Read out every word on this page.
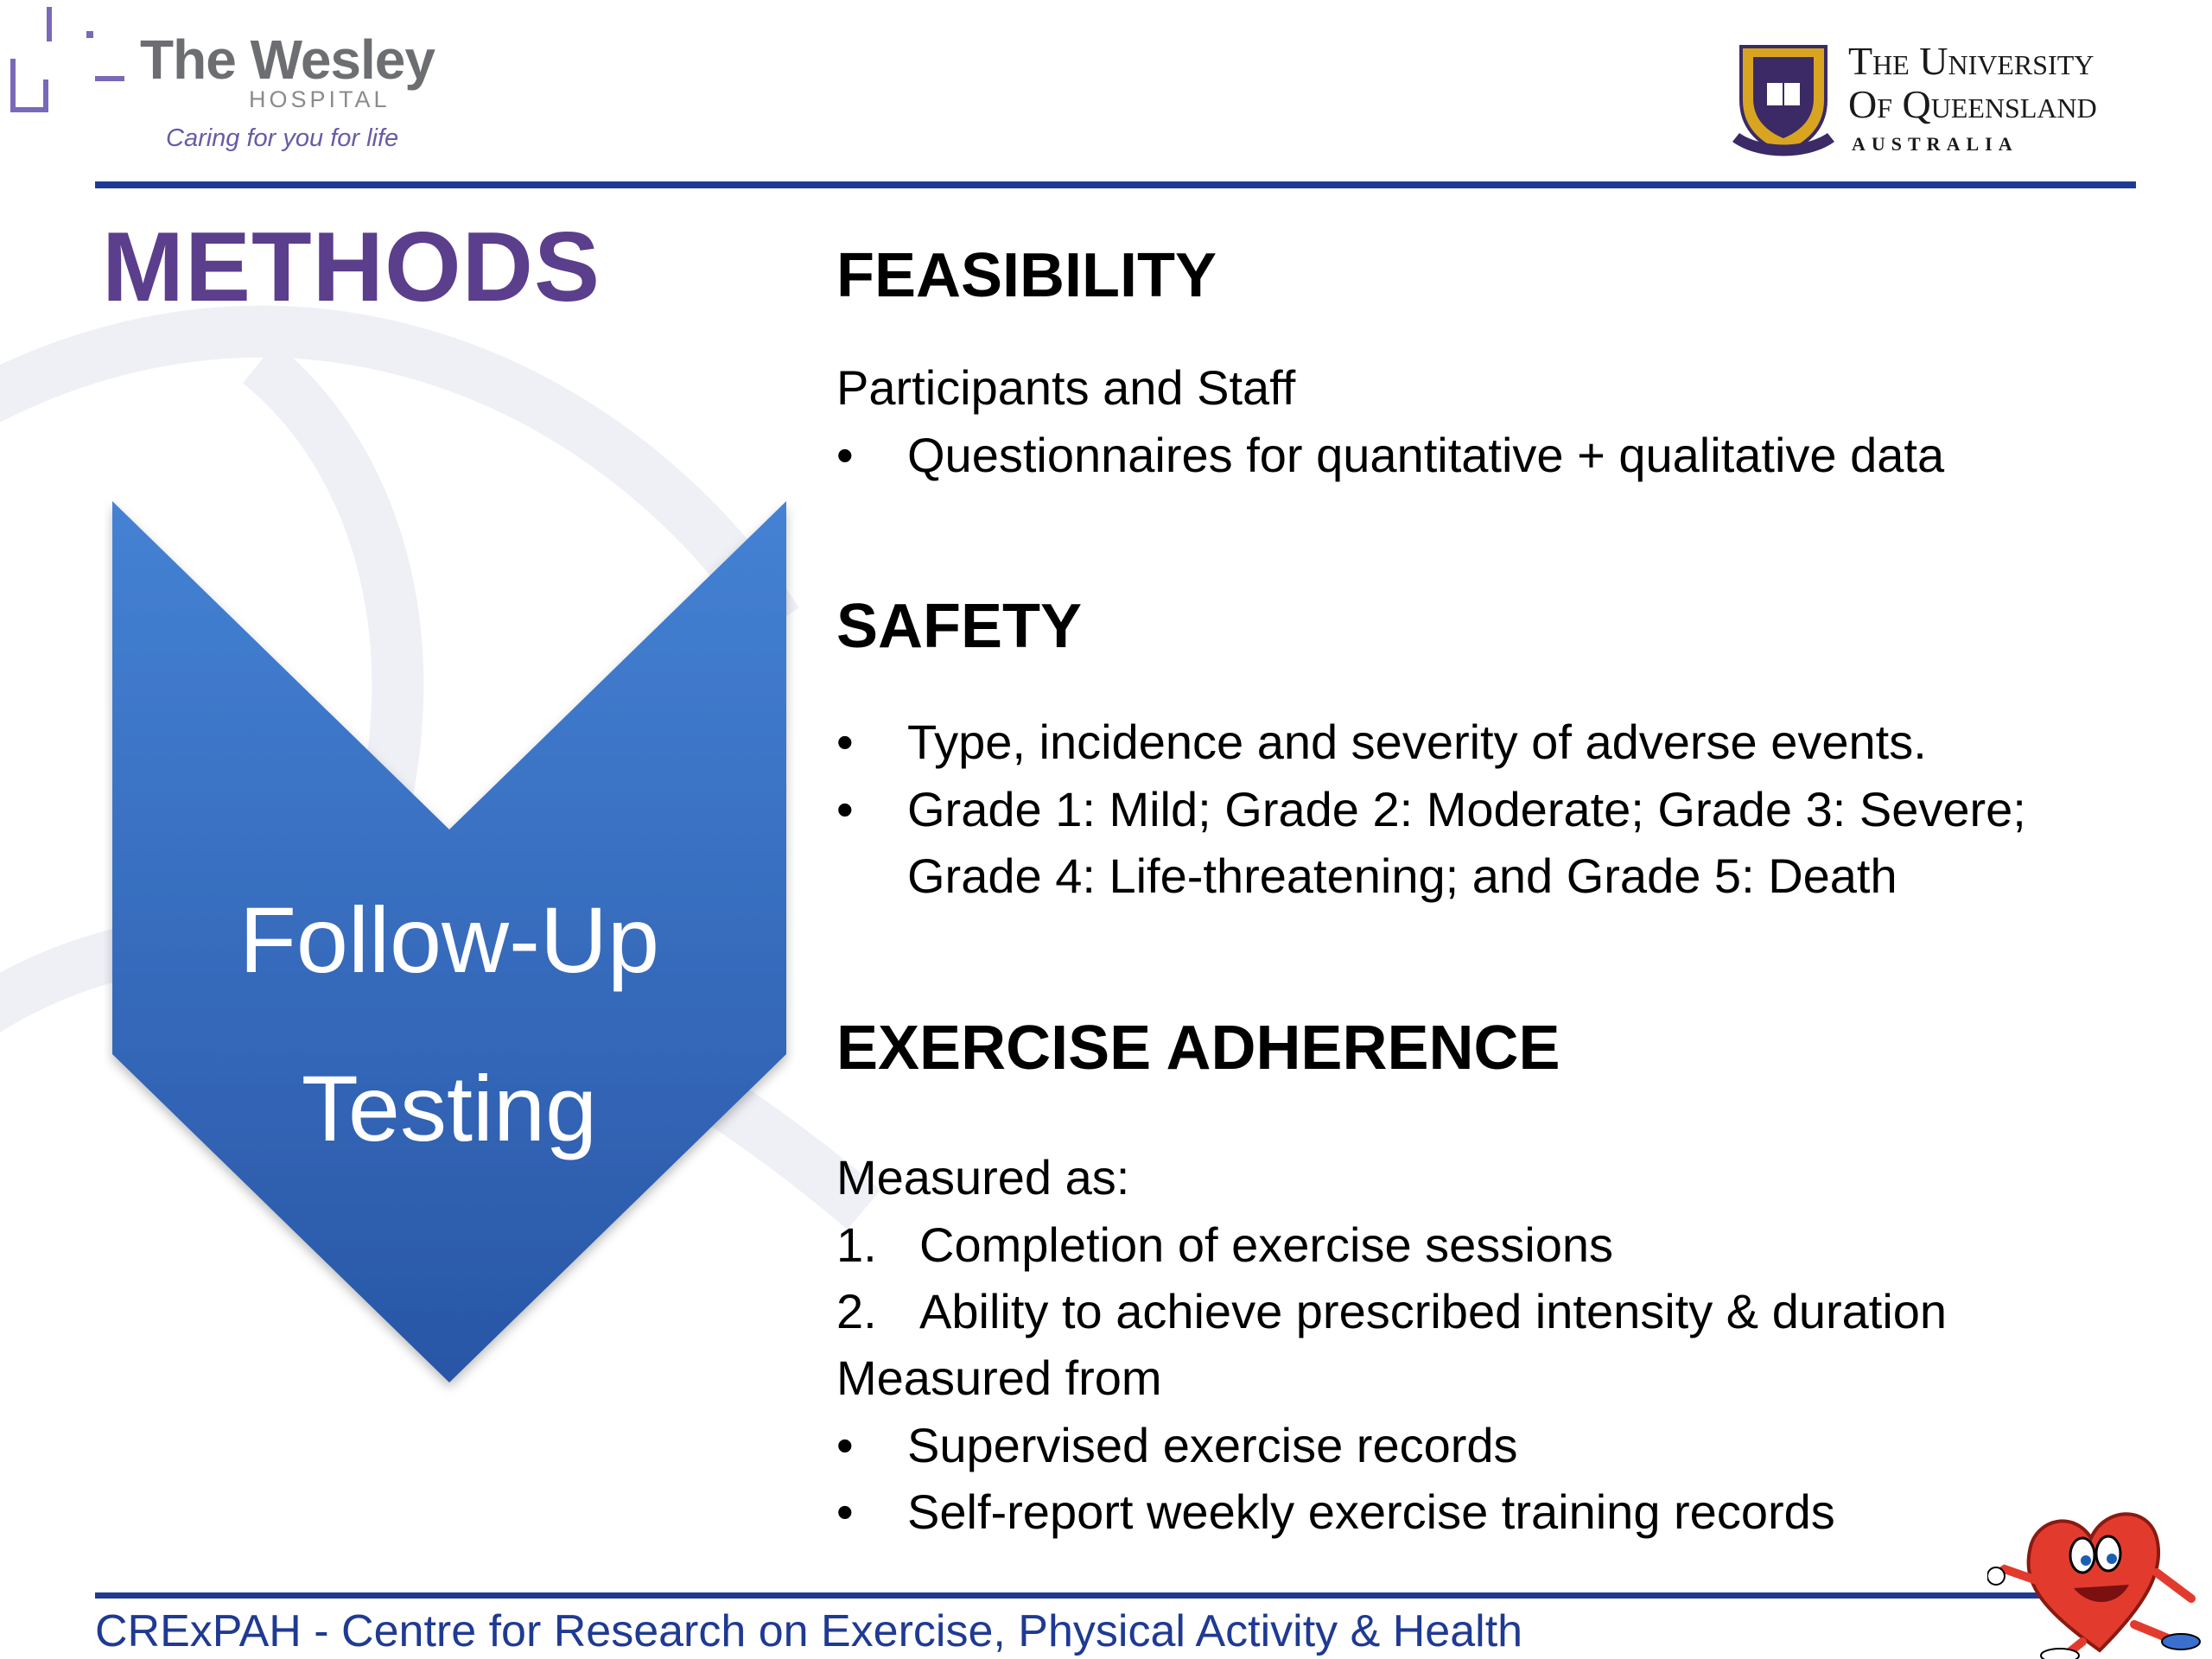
The Wesley
HOSPITAL
Caring for you for life
The University
Of Queensland
AUSTRALIA
METHODS
Follow-Up
Testing
FEASIBILITY
Participants and Staff
•	Questionnaires for quantitative + qualitative data
SAFETY
•	Type, incidence and severity of adverse events.
•	Grade 1: Mild; Grade 2: Moderate; Grade 3: Severe;
Grade 4: Life-threatening; and Grade 5: Death
EXERCISE ADHERENCE
Measured as:
1. Completion of exercise sessions
2. Ability to achieve prescribed intensity & duration
Measured from
•	Supervised exercise records
•	Self-report weekly exercise training records
CRExPAH - Centre for Research on Exercise, Physical Activity & Health
